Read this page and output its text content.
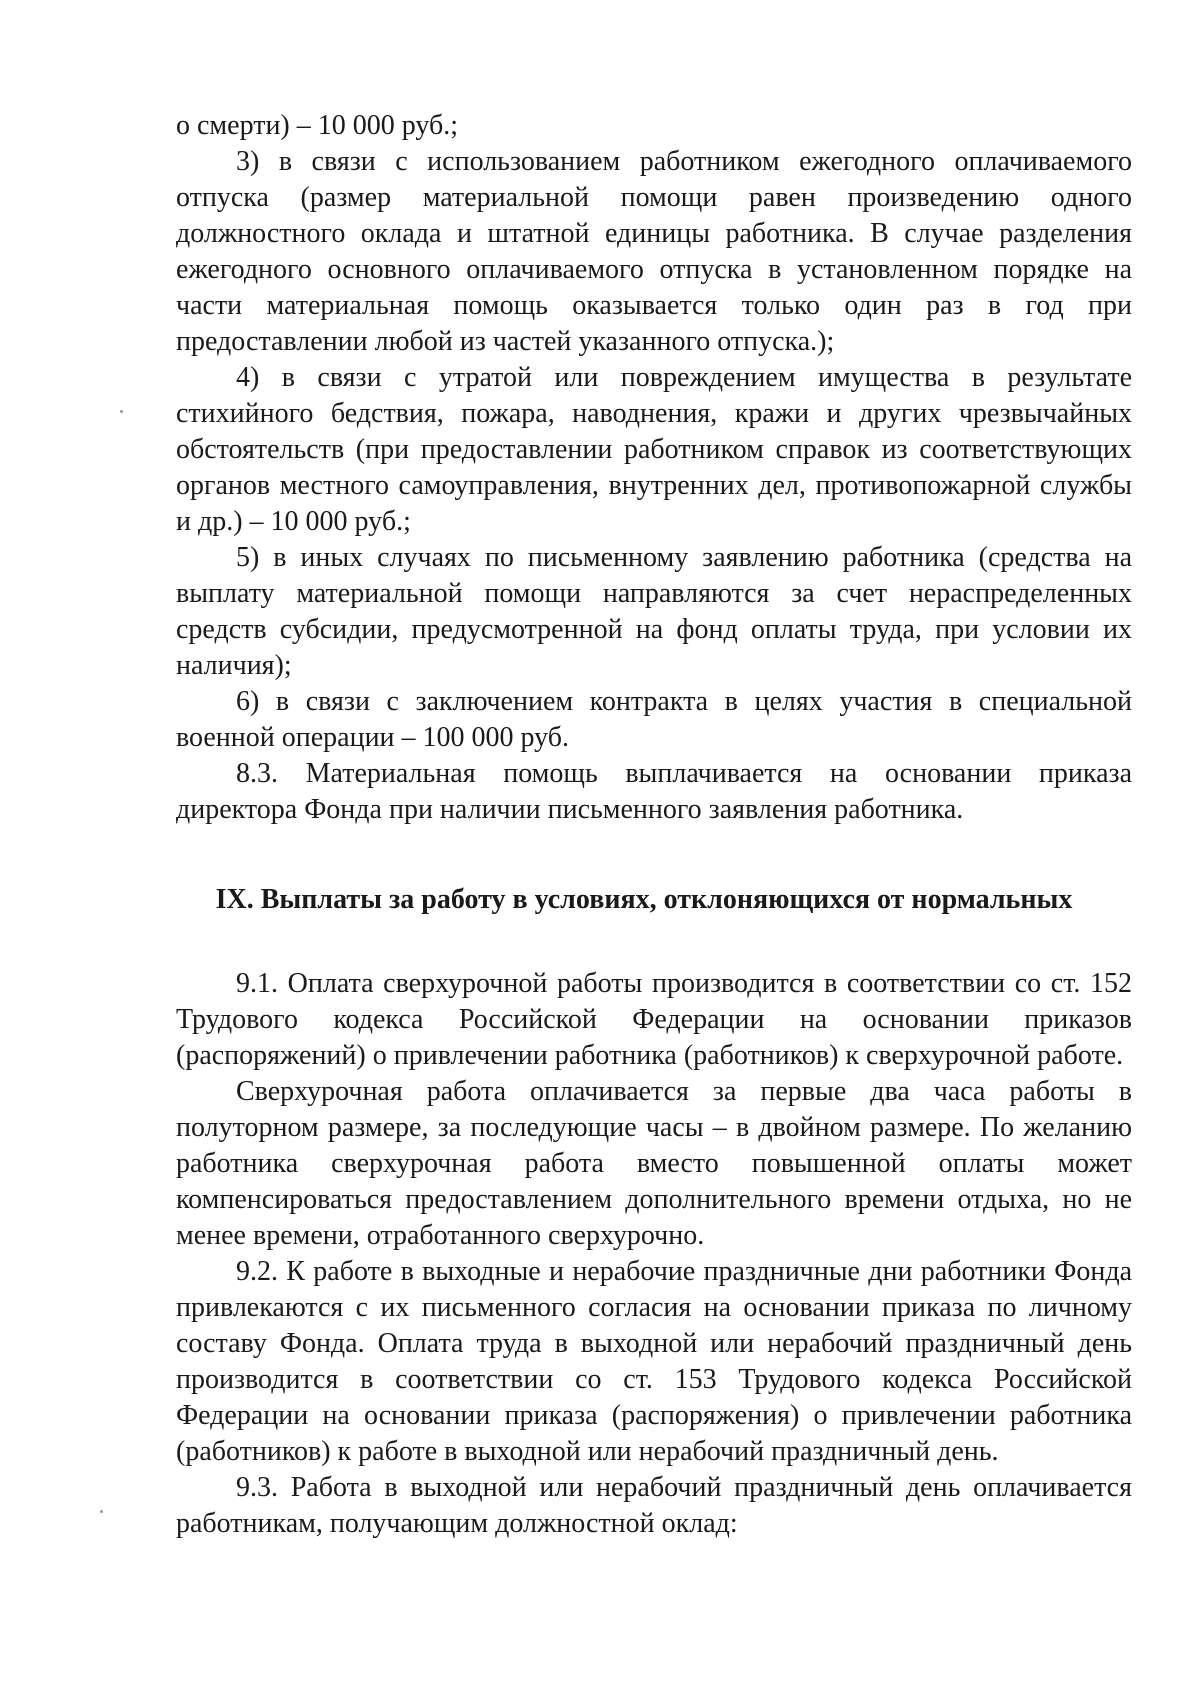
о смерти) – 10 000 руб.;

3) в связи с использованием работником ежегодного оплачиваемого отпуска (размер материальной помощи равен произведению одного должностного оклада и штатной единицы работника. В случае разделения ежегодного основного оплачиваемого отпуска в установленном порядке на части материальная помощь оказывается только один раз в год при предоставлении любой из частей указанного отпуска.);

4) в связи с утратой или повреждением имущества в результате стихийного бедствия, пожара, наводнения, кражи и других чрезвычайных обстоятельств (при предоставлении работником справок из соответствующих органов местного самоуправления, внутренних дел, противопожарной службы и др.) – 10 000 руб.;

5) в иных случаях по письменному заявлению работника (средства на выплату материальной помощи направляются за счет нераспределенных средств субсидии, предусмотренной на фонд оплаты труда, при условии их наличия);

6) в связи с заключением контракта в целях участия в специальной военной операции – 100 000 руб.

8.3. Материальная помощь выплачивается на основании приказа директора Фонда при наличии письменного заявления работника.

IX. Выплаты за работу в условиях, отклоняющихся от нормальных

9.1. Оплата сверхурочной работы производится в соответствии со ст. 152 Трудового кодекса Российской Федерации на основании приказов (распоряжений) о привлечении работника (работников) к сверхурочной работе.

Сверхурочная работа оплачивается за первые два часа работы в полуторном размере, за последующие часы – в двойном размере. По желанию работника сверхурочная работа вместо повышенной оплаты может компенсироваться предоставлением дополнительного времени отдыха, но не менее времени, отработанного сверхурочно.

9.2. К работе в выходные и нерабочие праздничные дни работники Фонда привлекаются с их письменного согласия на основании приказа по личному составу Фонда. Оплата труда в выходной или нерабочий праздничный день производится в соответствии со ст. 153 Трудового кодекса Российской Федерации на основании приказа (распоряжения) о привлечении работника (работников) к работе в выходной или нерабочий праздничный день.

9.3. Работа в выходной или нерабочий праздничный день оплачивается работникам, получающим должностной оклад:
